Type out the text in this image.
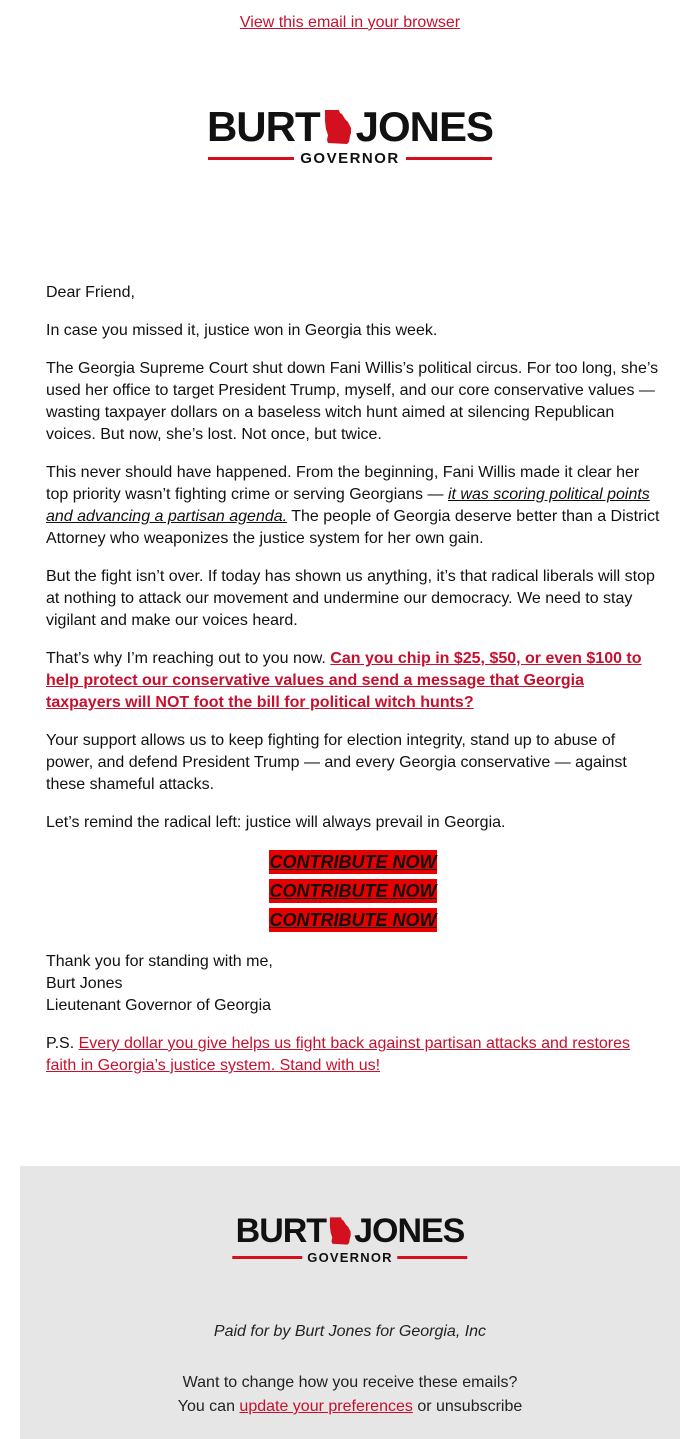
View this email in your browser
BURT JONES
GOVERNOR

Dear Friend,

In case you missed it, justice won in Georgia this week.

The Georgia Supreme Court shut down Fani Willis’s political circus. For too long, she’s used her office to target President Trump, myself, and our core conservative values — wasting taxpayer dollars on a baseless witch hunt aimed at silencing Republican voices. But now, she’s lost. Not once, but twice.

This never should have happened. From the beginning, Fani Willis made it clear her top priority wasn’t fighting crime or serving Georgians — it was scoring political points and advancing a partisan agenda. The people of Georgia deserve better than a District Attorney who weaponizes the justice system for her own gain.

But the fight isn’t over. If today has shown us anything, it’s that radical liberals will stop at nothing to attack our movement and undermine our democracy. We need to stay vigilant and make our voices heard.

That’s why I’m reaching out to you now. Can you chip in $25, $50, or even $100 to help protect our conservative values and send a message that Georgia taxpayers will NOT foot the bill for political witch hunts?

Your support allows us to keep fighting for election integrity, stand up to abuse of power, and defend President Trump — and every Georgia conservative — against these shameful attacks.

Let’s remind the radical left: justice will always prevail in Georgia.

CONTRIBUTE NOW
CONTRIBUTE NOW
CONTRIBUTE NOW

Thank you for standing with me,
Burt Jones
Lieutenant Governor of Georgia

P.S. Every dollar you give helps us fight back against partisan attacks and restores faith in Georgia’s justice system. Stand with us!

Paid for by Burt Jones for Georgia, Inc
Want to change how you receive these emails?
You can update your preferences or unsubscribe
BURT JONES
GOVERNOR
